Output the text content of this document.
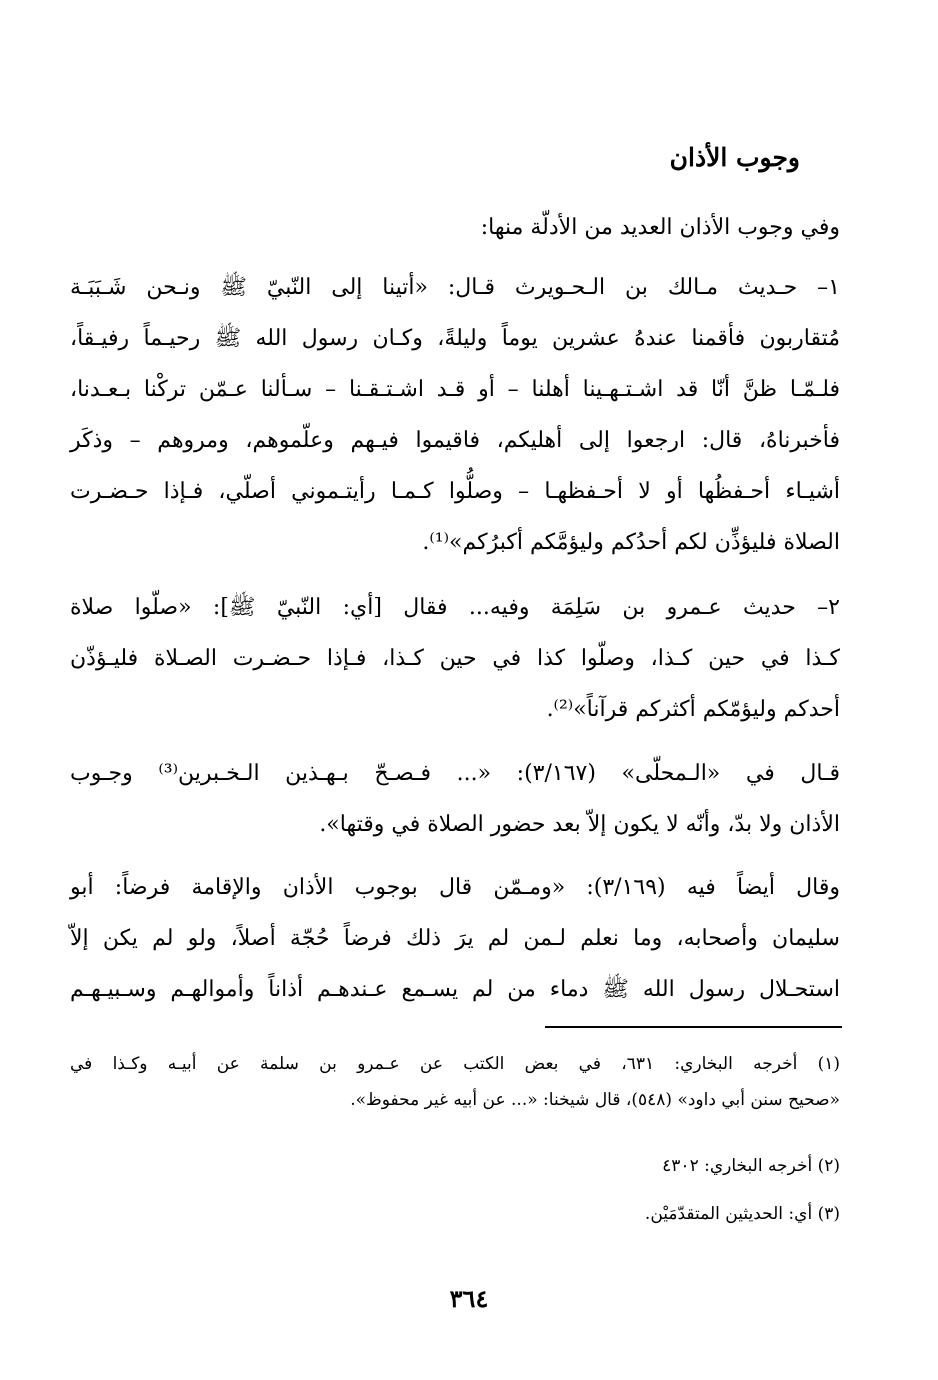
وجوب الأذان
وفي وجوب الأذان العديد من الأدلّة منها:
١– حـديث مـالك بن الـحـويرث قـال: «أتينا إلى النّبيّ ﷺ ونـحن شَـبَبَـة
مُتقاربون فأقمنا عندهُ عشرين يوماً وليلةً، وكـان رسول الله ﷺ رحيـماً رفيـقاً،
فلـمّـا ظنَّ أنّا قد اشـتـهـينا أهلنا – أو قـد اشـتـقـنا – سـألنا عـمّن تركْنا بـعـدنا،
فأخبرناهُ، قال: ارجعوا إلى أهليكم، فاقيموا فيـهم وعلّموهم، ومروهم – وذكَر
أشيـاء أحـفظُها أو لا أحـفظهـا – وصلُّوا كـمـا رأيتـموني أصلّي، فـإذا حـضـرت
الصلاة فليؤذِّن لكم أحدُكم وليؤمَّكم أكبرُكم»⁽¹⁾.
٢– حديث عـمرو بن سَلِمَة وفيه... فقال [أي: النّبيّ ﷺ]: «صلّوا صلاة
كـذا في حين كـذا، وصلّوا كذا في حين كـذا، فـإذا حـضـرت الصـلاة فليـؤذّن
أحدكم وليؤمّكم أكثركم قرآناً»⁽²⁾.
قـال في «الـمحلّى» (٣/١٦٧): «... فـصـحّ بـهـذين الـخـبرين⁽³⁾ وجـوب
الأذان ولا بدّ، وأنّه لا يكون إلاّ بعد حضور الصلاة في وقتها».
وقال أيضاً فيه (٣/١٦٩): «ومـمّن قال بوجوب الأذان والإقامة فرضاً: أبو
سليمان وأصحابه، وما نعلم لـمن لم يرَ ذلك فرضاً حُجّة أصلاً، ولو لم يكن إلاّ
استحـلال رسول الله ﷺ دماء من لم يسـمع عـندهـم أذاناً وأموالهـم وسـبيـهـم
(١) أخرجه البخاري: ٦٣١، في بعض الكتب عن عـمرو بن سلمة عن أبيـه وكـذا في
«صحيح سنن أبي داود» (٥٤٨)، قال شيخنا: «... عن أبيه غير محفوظ».
(٢) أخرجه البخاري: ٤٣٠٢
(٣) أي: الحديثين المتقدّمَيْن.
٣٦٤
